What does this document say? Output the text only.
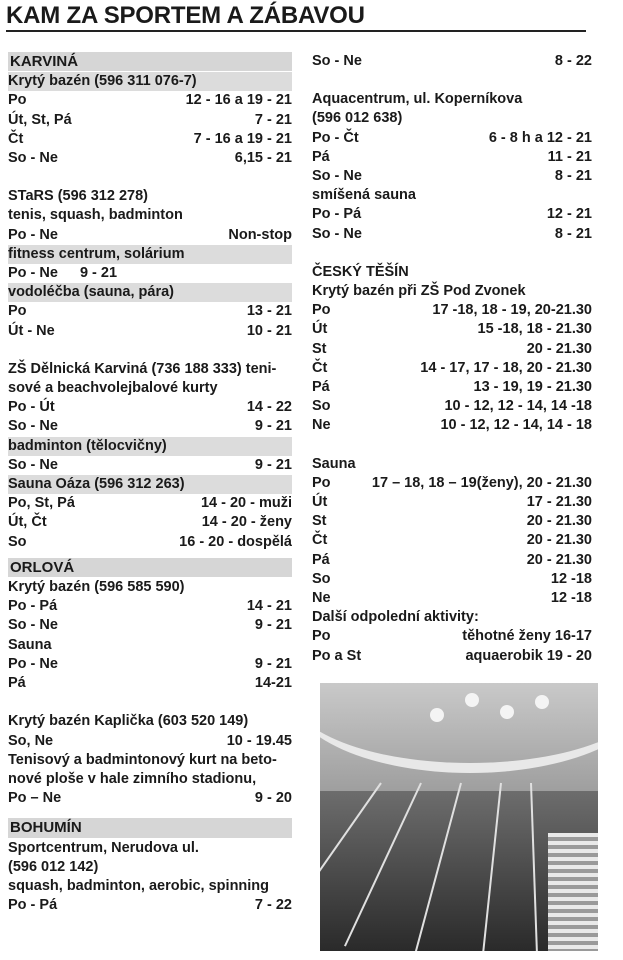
KAM ZA SPORTEM A ZÁBAVOU
KARVINÁ
Krytý bazén (596 311 076-7)
Po	12 - 16 a 19 - 21
Út, St, Pá	7 - 21
Čt	7 - 16 a 19 - 21
So - Ne	6,15 - 21
STaRS (596 312 278)
tenis, squash, badminton
Po - Ne	Non-stop
fitness centrum, solárium
Po - Ne 9 - 21
vodoléčba (sauna, pára)
Po	13 - 21
Út - Ne	10 - 21
ZŠ Dělnická Karviná (736 188 333) teni-
sové a beachvolejbalové kurty
Po - Út	14 - 22
So - Ne	9 - 21
badminton (tělocvičny)
So - Ne	9 - 21
Sauna Oáza (596 312 263)
Po, St, Pá	14 - 20 - muži
Út, Čt	14 - 20 - ženy
So	16 - 20 - dospělá
ORLOVÁ
Krytý bazén (596 585 590)
Po - Pá	14 - 21
So - Ne	9 - 21
Sauna
Po - Ne	9 - 21
Pá	14-21
Krytý bazén Kaplička (603 520 149)
So, Ne	10 - 19.45
Tenisový a badmintonový kurt na beto-
nové ploše v hale zimního stadionu,
Po – Ne	9 - 20
BOHUMÍN
Sportcentrum, Nerudova ul.
(596 012 142)
squash, badminton, aerobic, spinning
Po - Pá	7 - 22
So - Ne	8 - 22
Aquacentrum, ul. Koperníkova
(596 012 638)
Po - Čt	6 - 8 h a 12 - 21
Pá	11 - 21
So - Ne	8 - 21
smíšená sauna
Po - Pá	12 - 21
So - Ne	8 - 21
ČESKÝ TĚŠÍN
Krytý bazén při ZŠ Pod Zvonek
Po	17 -18, 18 - 19, 20-21.30
Út	15 -18, 18 - 21.30
St	20 - 21.30
Čt	14 - 17, 17 - 18, 20 - 21.30
Pá	13 - 19, 19 - 21.30
So	10 - 12, 12 - 14, 14 -18
Ne	10 - 12, 12 - 14, 14 - 18
Sauna
Po	17 – 18, 18 – 19(ženy), 20 - 21.30
Út	17 - 21.30
St	20 - 21.30
Čt	20 - 21.30
Pá	20 - 21.30
So	12 -18
Ne	12 -18
Další odpolední aktivity:
Po	těhotné ženy 16-17
Po a St	aquaerobik 19 - 20
